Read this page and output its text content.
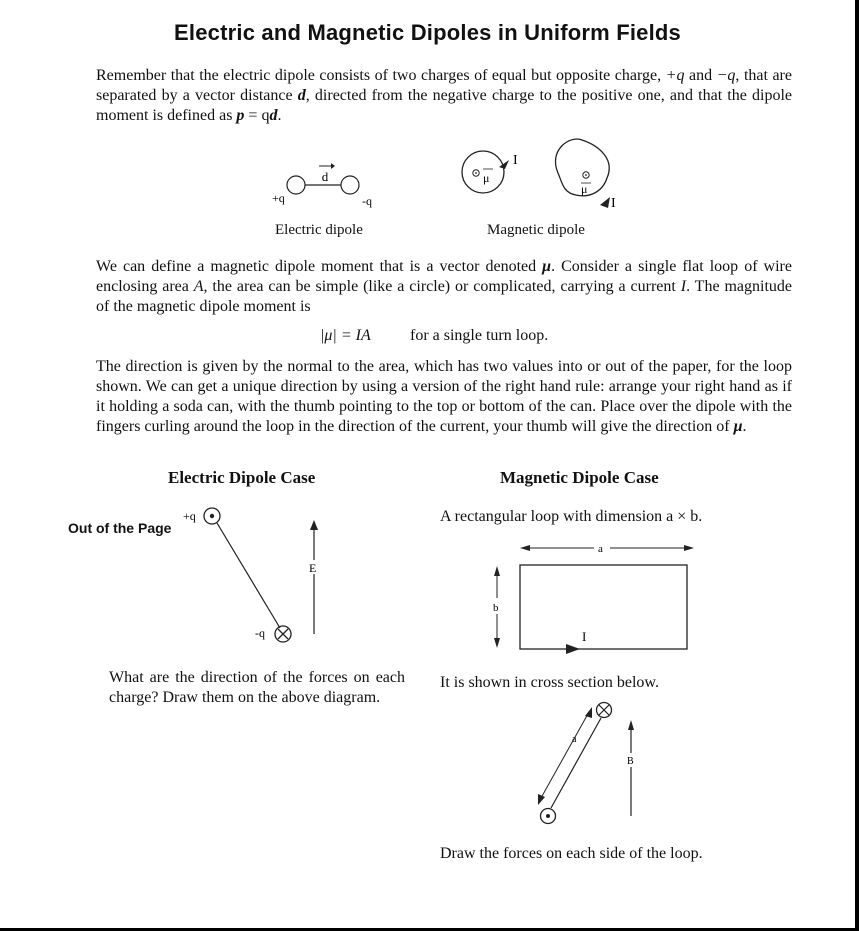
Electric and Magnetic Dipoles in Uniform Fields
Remember that the electric dipole consists of two charges of equal but opposite charge, +q and −q, that are separated by a vector distance d, directed from the negative charge to the positive one, and that the dipole moment is defined as p = qd.
d
+q	-q
μ
I
μ
I
Electric dipole	Magnetic dipole
We can define a magnetic dipole moment that is a vector denoted μ. Consider a single flat loop of wire enclosing area A, the area can be simple (like a circle) or complicated, carrying a current I. The magnitude of the magnetic dipole moment is
|μ| = IA for a single turn loop.
The direction is given by the normal to the area, which has two values into or out of the paper, for the loop shown. We can get a unique direction by using a version of the right hand rule: arrange your right hand as if it holding a soda can, with the thumb pointing to the top or bottom of the can. Place over the dipole with the fingers curling around the loop in the direction of the current, your thumb will give the direction of μ.
Electric Dipole Case	Magnetic Dipole Case
Out of the Page
+q
-q
E
a
b
I
a
B
A rectangular loop with dimension a × b.
What are the direction of the forces on each charge? Draw them on the above diagram.
It is shown in cross section below.
Draw the forces on each side of the loop.
